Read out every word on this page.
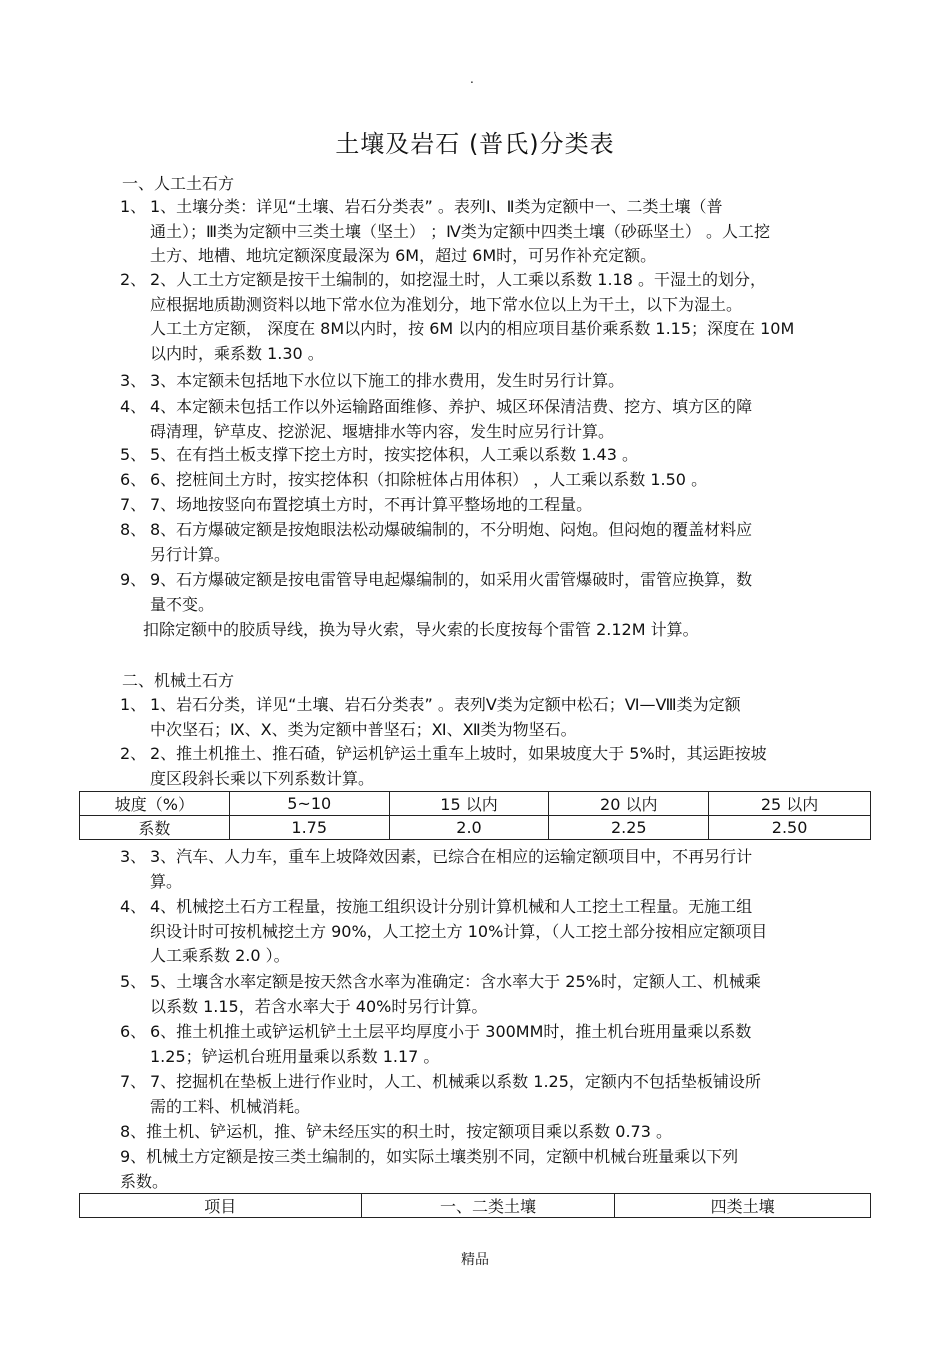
.
土壤及岩石 (普氏)分类表
一、人工土石方
1、 1、土壤分类：详见“土壤、岩石分类表” 。表列Ⅰ、Ⅱ类为定额中一、二类土壤（普
通土）；Ⅲ类为定额中三类土壤（坚土） ；Ⅳ类为定额中四类土壤（砂砾坚土） 。人工挖
土方、地槽、地坑定额深度最深为 6M，超过 6M时，可另作补充定额。
2、 2、人工土方定额是按干土编制的，如挖湿土时，人工乘以系数 1.18 。干湿土的划分，
应根据地质勘测资料以地下常水位为准划分，地下常水位以上为干土，以下为湿土。
人工土方定额， 深度在 8M以内时，按 6M 以内的相应项目基价乘系数 1.15；深度在 10M
以内时，乘系数 1.30 。
3、 3、本定额未包括地下水位以下施工的排水费用，发生时另行计算。
4、 4、本定额未包括工作以外运输路面维修、养护、城区环保清洁费、挖方、填方区的障
碍清理，铲草皮、挖淤泥、堰塘排水等内容，发生时应另行计算。
5、 5、在有挡土板支撑下挖土方时，按实挖体积，人工乘以系数 1.43 。
6、 6、挖桩间土方时，按实挖体积（扣除桩体占用体积） ，人工乘以系数 1.50 。
7、 7、场地按竖向布置挖填土方时，不再计算平整场地的工程量。
8、 8、石方爆破定额是按炮眼法松动爆破编制的，不分明炮、闷炮。但闷炮的覆盖材料应
另行计算。
9、 9、石方爆破定额是按电雷管导电起爆编制的，如采用火雷管爆破时，雷管应换算，数
量不变。
扣除定额中的胶质导线，换为导火索，导火索的长度按每个雷管 2.12M 计算。
二、机械土石方
1、 1、岩石分类，详见“土壤、岩石分类表” 。表列Ⅴ类为定额中松石；Ⅵ—Ⅷ类为定额
中次坚石；Ⅸ、Ⅹ、类为定额中普坚石；Ⅺ、Ⅻ类为物坚石。
2、 2、推土机推土、推石碴，铲运机铲运土重车上坡时，如果坡度大于 5%时，其运距按坡
度区段斜长乘以下列系数计算。
坡度（%）	5~10	15 以内	20 以内	25 以内
系数	1.75	2.0	2.25	2.50
3、 3、汽车、人力车，重车上坡降效因素，已综合在相应的运输定额项目中，不再另行计
算。
4、 4、机械挖土石方工程量，按施工组织设计分别计算机械和人工挖土工程量。无施工组
织设计时可按机械挖土方 90%，人工挖土方 10%计算，（人工挖土部分按相应定额项目
人工乘系数 2.0 ）。
5、 5、土壤含水率定额是按天然含水率为准确定：含水率大于 25%时，定额人工、机械乘
以系数 1.15，若含水率大于 40%时另行计算。
6、 6、推土机推土或铲运机铲土土层平均厚度小于 300MM时，推土机台班用量乘以系数
1.25；铲运机台班用量乘以系数 1.17 。
7、 7、挖掘机在垫板上进行作业时，人工、机械乘以系数 1.25，定额内不包括垫板铺设所
需的工料、机械消耗。
8、推土机、铲运机，推、铲未经压实的积土时，按定额项目乘以系数 0.73 。
9、机械土方定额是按三类土编制的，如实际土壤类别不同，定额中机械台班量乘以下列
系数。
项目	一、二类土壤	四类土壤
精品
